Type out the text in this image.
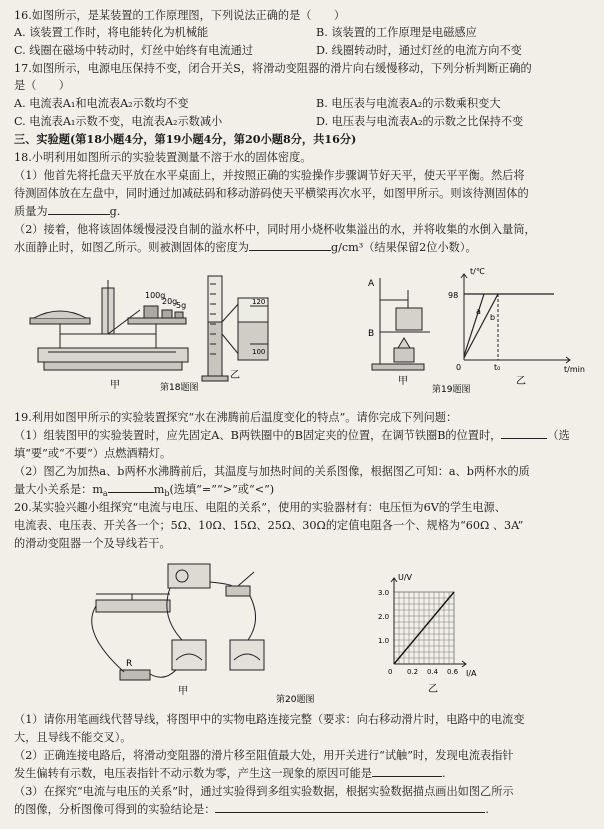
16.如图所示，是某装置的工作原理图，下列说法正确的是（　　）
A. 该装置工作时，将电能转化为机械能	B. 该装置的工作原理是电磁感应
C. 线圈在磁场中转动时，灯丝中始终有电流通过	D. 线圈转动时，通过灯丝的电流方向不变
17.如图所示，电源电压保持不变，闭合开关S，将滑动变阻器的滑片向右缓慢移动，下列分析判断正确的
是（　　）
A. 电流表A₁和电流表A₂示数均不变	B. 电压表与电流表A₂的示数乘积变大
C. 电流表A₁示数不变，电流表A₂示数减小	D. 电压表与电流表A₂的示数之比保持不变
三、实验题(第18小题4分，第19小题4分，第20小题8分，共16分)
18.小明利用如图所示的实验装置测量不溶于水的固体密度。
（1）他首先将托盘天平放在水平桌面上，并按照正确的实验操作步骤调节好天平，使天平平衡。然后将
待测固体放在左盘中，同时通过加减砝码和移动游码使天平横梁再次水平，如图甲所示。则该待测固体的
质量为	g.
（2）接着，他将该固体缓慢浸没自制的溢水杯中，同时用小烧杯收集溢出的水，并将收集的水倒入量筒，
水面静止时，如图乙所示。则被测固体的密度为	g/cm³（结果保留2位小数）。
100g
20g
5g
甲
120
100
乙
第18题图
A
B
甲
t/℃
t/min
98
0	t₀
a
b
乙
第19题图
19.利用如图甲所示的实验装置探究“水在沸腾前后温度变化的特点”。请你完成下列问题：
（1）组装图甲的实验装置时，应先固定A、B两铁圈中的B固定夹的位置，在调节铁圈B的位置时，	（选
填“要”或“不要”）点燃酒精灯。
（2）图乙为加热a、b两杯水沸腾前后，其温度与加热时间的关系图像，根据图乙可知：a、b两杯水的质
量大小关系是：$m_a$	$m_b$(选填“=”“>”或“<”)
20.某实验兴趣小组探究“电流与电压、电阻的关系”，使用的实验器材有：电压恒为6V的学生电源、
电流表、电压表、开关各一个；5Ω、10Ω、15Ω、25Ω、30Ω的定值电阻各一个、规格为“60Ω 、3A”
的滑动变阻器一个及导线若干。
R
甲
U/V
I/A
3.0
2.0
1.0
0 0.2 0.4 0.6
乙
第20题图
（1）请你用笔画线代替导线，将图甲中的实物电路连接完整（要求：向右移动滑片时，电路中的电流变
大，且导线不能交叉）。
（2）正确连接电路后，将滑动变阻器的滑片移至阻值最大处，用开关进行“试触”时，发现电流表指针
发生偏转有示数，电压表指针不动示数为零，产生这一现象的原因可能是	.
（3）在探究“电流与电压的关系”时，通过实验得到多组实验数据，根据实验数据描点画出如图乙所示
的图像，分析图像可得到的实验结论是：	.
